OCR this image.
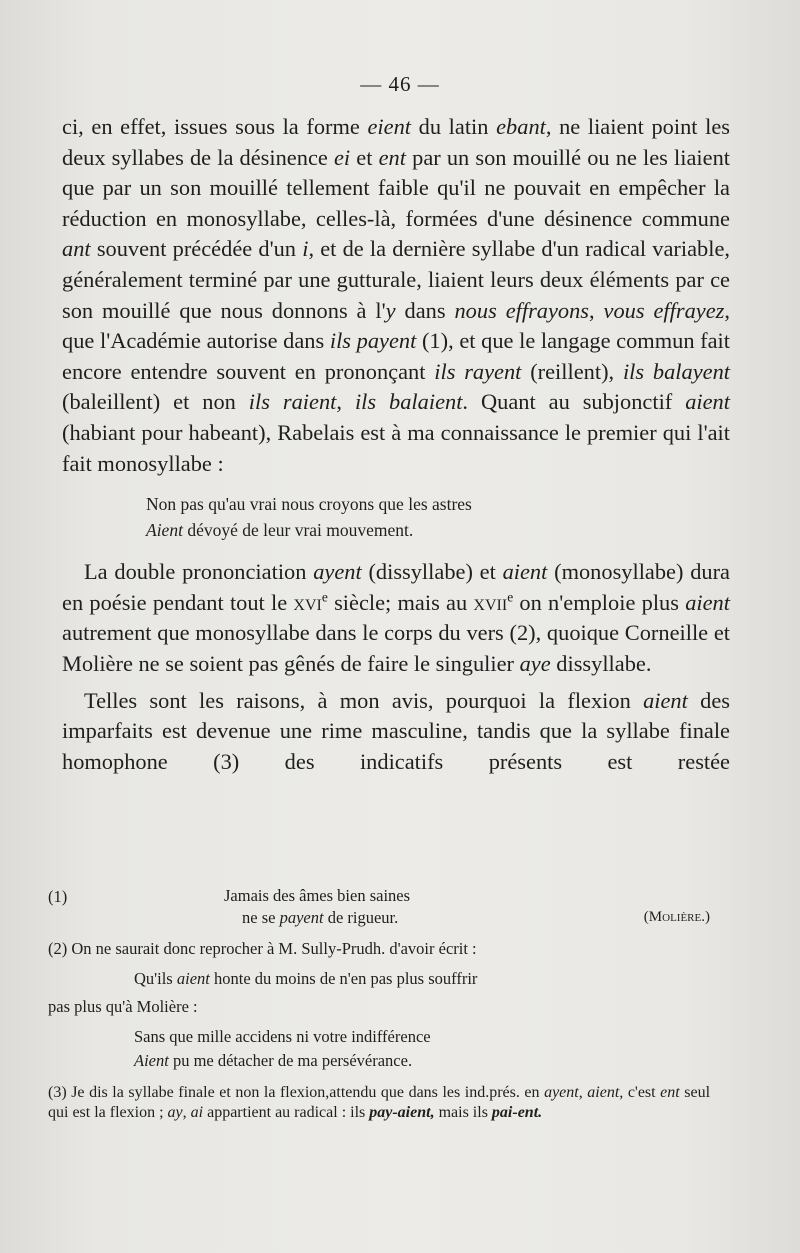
— 46 —

ci, en effet, issues sous la forme eient du latin ebant, ne liaient point les deux syllabes de la désinence ei et ent par un son mouillé ou ne les liaient que par un son mouillé tellement faible qu'il ne pouvait en empêcher la réduction en monosyllabe, celles-là, formées d'une désinence commune ant souvent précédée d'un i, et de la dernière syllabe d'un radical variable, généralement terminé par une gutturale, liaient leurs deux éléments par ce son mouillé que nous donnons à l'y dans nous effrayons, vous effrayez, que l'Académie autorise dans ils payent (1), et que le langage commun fait encore entendre souvent en prononçant ils rayent (reillent), ils balayent (baleillent) et non ils raient, ils balaient. Quant au subjonctif aient (habiant pour habeant), Rabelais est à ma connaissance le premier qui l'ait fait monosyllabe :

Non pas qu'au vrai nous croyons que les astres
Aient dévoyé de leur vrai mouvement.

La double prononciation ayent (dissyllabe) et aient (monosyllabe) dura en poésie pendant tout le xvi$^e$ siècle; mais au xvii$^e$ on n'emploie plus aient autrement que monosyllabe dans le corps du vers (2), quoique Corneille et Molière ne se soient pas gênés de faire le singulier aye dissyllabe.

Telles sont les raisons, à mon avis, pourquoi la flexion aient des imparfaits est devenue une rime masculine, tandis que la syllabe finale homophone (3) des indicatifs présents est restée

(1)	Jamais des âmes bien saines
ne se payent de rigueur.	(Molière.)

(2) On ne saurait donc reprocher à M. Sully-Prudh. d'avoir écrit :

Qu'ils aient honte du moins de n'en pas plus souffrir

pas plus qu'à Molière :

Sans que mille accidens ni votre indifférence
Aient pu me détacher de ma persévérance.

(3) Je dis la syllabe finale et non la flexion,attendu que dans les ind.prés. en ayent, aient, c'est ent seul qui est la flexion ; ay, ai appartient au radical : ils pay-aient, mais ils pai-ent.
